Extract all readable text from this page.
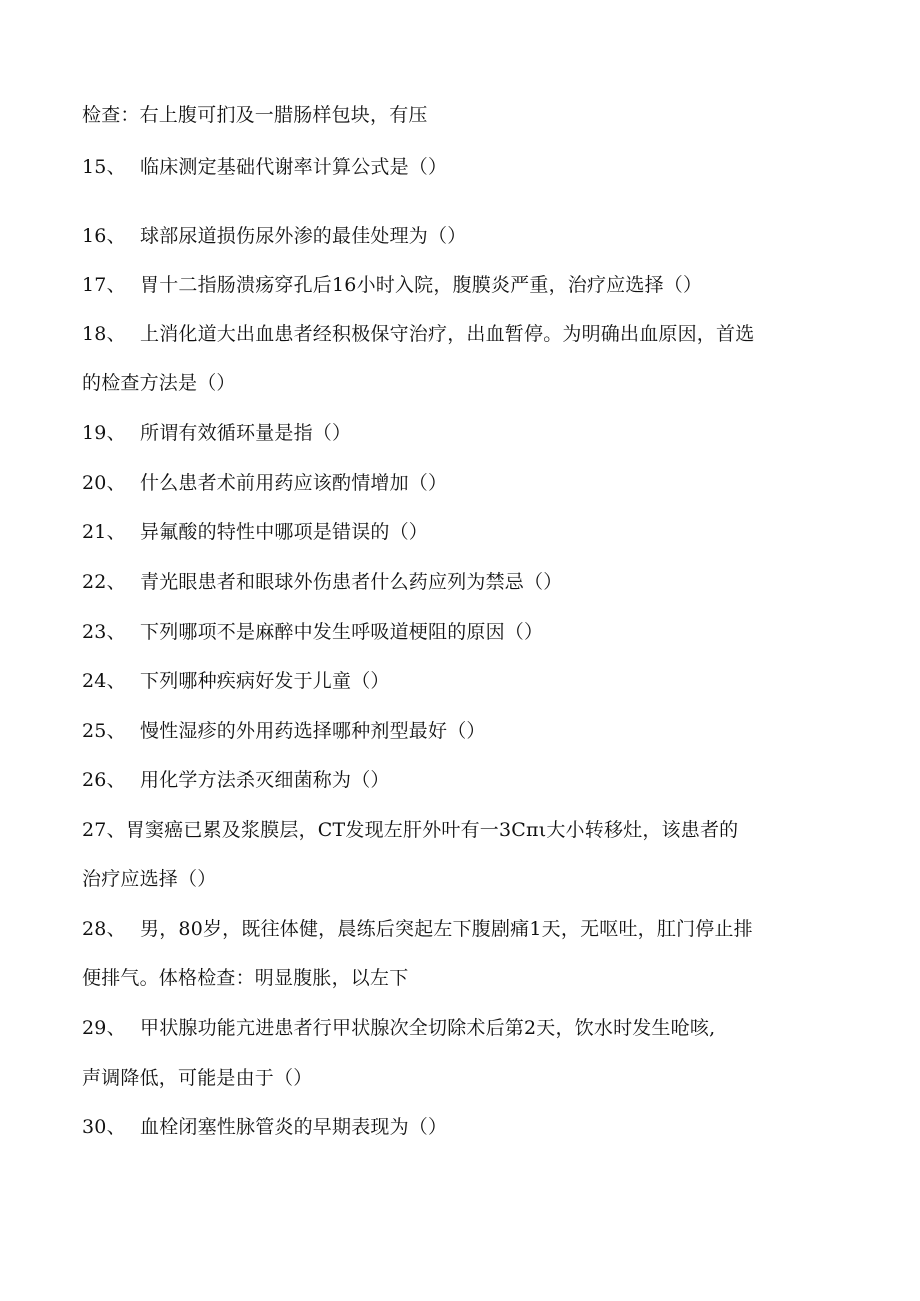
检查：右上腹可扪及一腊肠样包块，有压
15、 临床测定基础代谢率计算公式是（）
16、 球部尿道损伤尿外渗的最佳处理为（）
17、 胃十二指肠溃疡穿孔后16小时入院，腹膜炎严重，治疗应选择（）
18、 上消化道大出血患者经积极保守治疗，出血暂停。为明确出血原因，首选
的检查方法是（）
19、 所谓有效循环量是指（）
20、 什么患者术前用药应该酌情增加（）
21、 异氟酸的特性中哪项是错误的（）
22、 青光眼患者和眼球外伤患者什么药应列为禁忌（）
23、 下列哪项不是麻醉中发生呼吸道梗阻的原因（）
24、 下列哪种疾病好发于儿童（）
25、 慢性湿疹的外用药选择哪种剂型最好（）
26、 用化学方法杀灭细菌称为（）
27、胃窦癌已累及浆膜层，CT发现左肝外叶有一3Cπι大小转移灶，该患者的
治疗应选择（）
28、 男，80岁，既往体健，晨练后突起左下腹剧痛1天，无呕吐，肛门停止排
便排气。体格检查：明显腹胀，以左下
29、 甲状腺功能亢进患者行甲状腺次全切除术后第2天，饮水时发生呛咳,
声调降低，可能是由于（）
30、 血栓闭塞性脉管炎的早期表现为（）
